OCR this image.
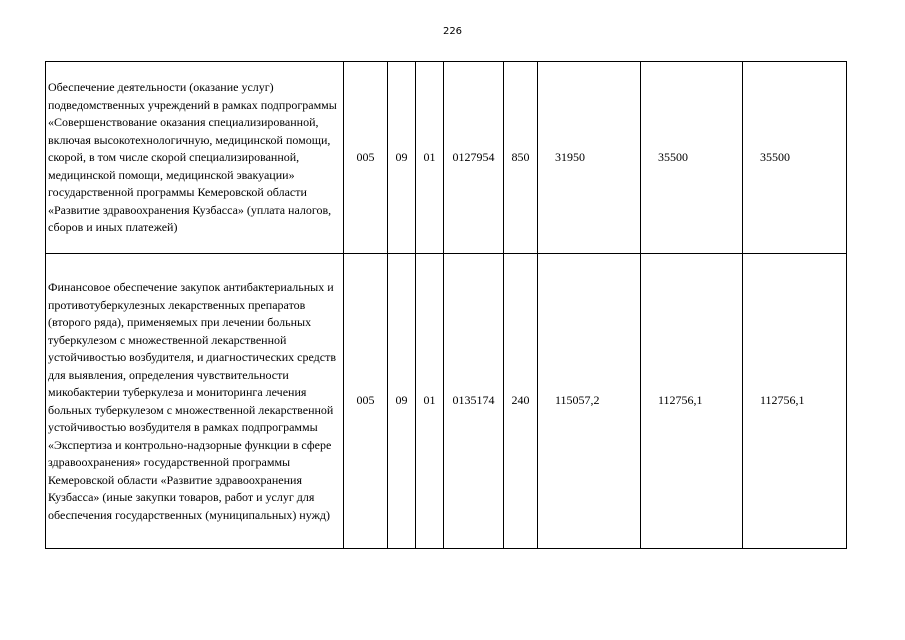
226
Обеспечение деятельности (оказание услуг) подведомственных учреждений в рамках подпрограммы «Совершенствование оказания специализированной, включая высокотехнологичную, медицинской помощи, скорой, в том числе скорой специализированной, медицинской помощи, медицинской эвакуации» государственной программы Кемеровской области «Развитие здравоохранения Кузбасса» (уплата налогов, сборов и иных платежей)	005	09	01	0127954	850	31950	35500	35500
Финансовое обеспечение закупок антибактериальных и противотуберкулезных лекарственных препаратов (второго ряда), применяемых при лечении больных туберкулезом с множественной лекарственной устойчивостью возбудителя, и диагностических средств для выявления, определения чувствительности микобактерии туберкулеза и мониторинга лечения больных туберкулезом с множественной лекарственной устойчивостью возбудителя в рамках подпрограммы «Экспертиза и контрольно-надзорные функции в сфере здравоохранения» государственной программы Кемеровской области «Развитие здравоохранения Кузбасса» (иные закупки товаров, работ и услуг для обеспечения государственных (муниципальных) нужд)	005	09	01	0135174	240	115057,2	112756,1	112756,1
